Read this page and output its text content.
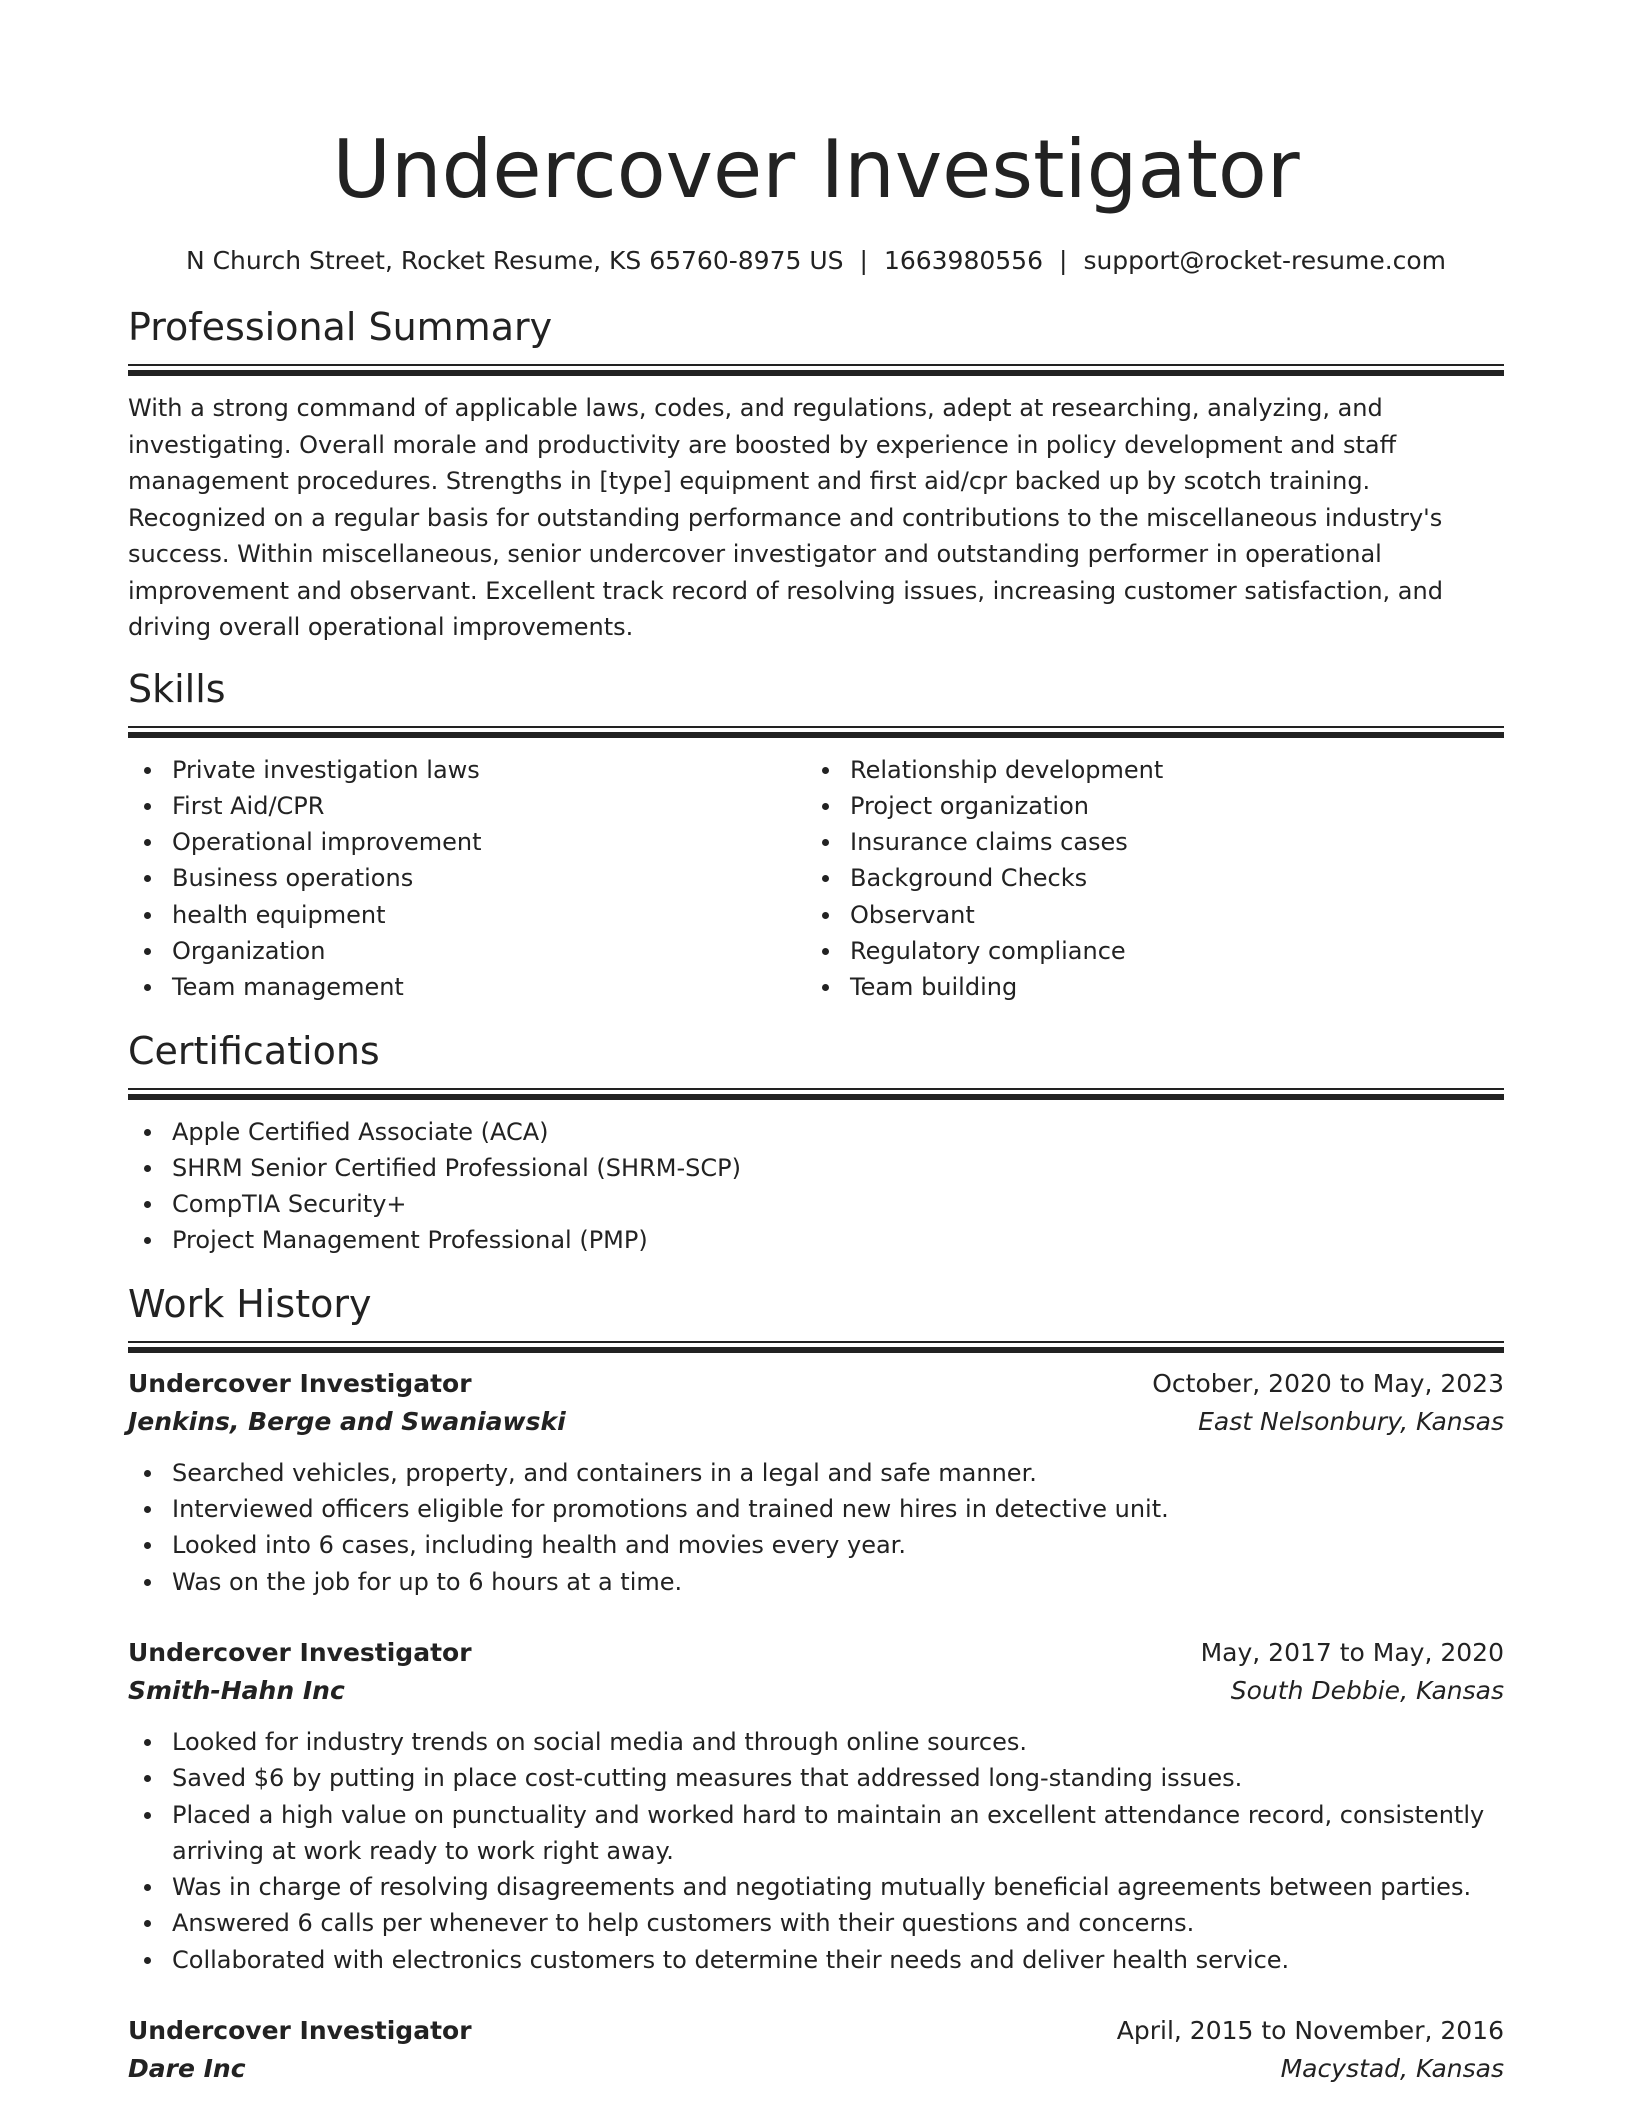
Undercover Investigator
N Church Street, Rocket Resume, KS 65760-8975 US | 1663980556 | support@rocket-resume.com
Professional Summary
With a strong command of applicable laws, codes, and regulations, adept at researching, analyzing, and investigating. Overall morale and productivity are boosted by experience in policy development and staff management procedures. Strengths in [type] equipment and first aid/cpr backed up by scotch training. Recognized on a regular basis for outstanding performance and contributions to the miscellaneous industry's success. Within miscellaneous, senior undercover investigator and outstanding performer in operational improvement and observant. Excellent track record of resolving issues, increasing customer satisfaction, and driving overall operational improvements.
Skills
Private investigation laws
First Aid/CPR
Operational improvement
Business operations
health equipment
Organization
Team management
Relationship development
Project organization
Insurance claims cases
Background Checks
Observant
Regulatory compliance
Team building
Certifications
Apple Certified Associate (ACA)
SHRM Senior Certified Professional (SHRM-SCP)
CompTIA Security+
Project Management Professional (PMP)
Work History
Undercover Investigator	October, 2020 to May, 2023
Jenkins, Berge and Swaniawski	East Nelsonbury, Kansas
Searched vehicles, property, and containers in a legal and safe manner.
Interviewed officers eligible for promotions and trained new hires in detective unit.
Looked into 6 cases, including health and movies every year.
Was on the job for up to 6 hours at a time.
Undercover Investigator	May, 2017 to May, 2020
Smith-Hahn Inc	South Debbie, Kansas
Looked for industry trends on social media and through online sources.
Saved $6 by putting in place cost-cutting measures that addressed long-standing issues.
Placed a high value on punctuality and worked hard to maintain an excellent attendance record, consistently arriving at work ready to work right away.
Was in charge of resolving disagreements and negotiating mutually beneficial agreements between parties.
Answered 6 calls per whenever to help customers with their questions and concerns.
Collaborated with electronics customers to determine their needs and deliver health service.
Undercover Investigator	April, 2015 to November, 2016
Dare Inc	Macystad, Kansas
